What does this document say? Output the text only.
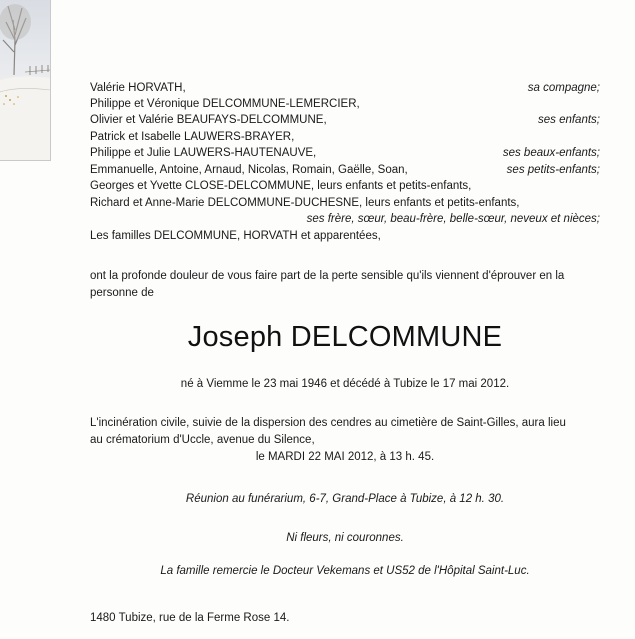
Valérie HORVATH,	sa compagne;
Philippe et Véronique DELCOMMUNE-LEMERCIER,
Olivier et Valérie BEAUFAYS-DELCOMMUNE,	ses enfants;
Patrick et Isabelle LAUWERS-BRAYER,
Philippe et Julie LAUWERS-HAUTENAUVE,	ses beaux-enfants;
Emmanuelle, Antoine, Arnaud, Nicolas, Romain, Gaëlle, Soan,	ses petits-enfants;
Georges et Yvette CLOSE-DELCOMMUNE, leurs enfants et petits-enfants,
Richard et Anne-Marie DELCOMMUNE-DUCHESNE, leurs enfants et petits-enfants,
ses frère, sœur, beau-frère, belle-sœur, neveux et nièces;
Les familles DELCOMMUNE, HORVATH et apparentées,
ont la profonde douleur de vous faire part de la perte sensible qu'ils viennent d'éprouver en la
personne de
Joseph DELCOMMUNE
né à Viemme le 23 mai 1946 et décédé à Tubize le 17 mai 2012.
L'incinération civile, suivie de la dispersion des cendres au cimetière de Saint-Gilles, aura lieu
au crématorium d'Uccle, avenue du Silence,
le MARDI 22 MAI 2012, à 13 h. 45.
Réunion au funérarium, 6-7, Grand-Place à Tubize, à 12 h. 30.
Ni fleurs, ni couronnes.
La famille remercie le Docteur Vekemans et US52 de l'Hôpital Saint-Luc.
1480 Tubize, rue de la Ferme Rose 14.
